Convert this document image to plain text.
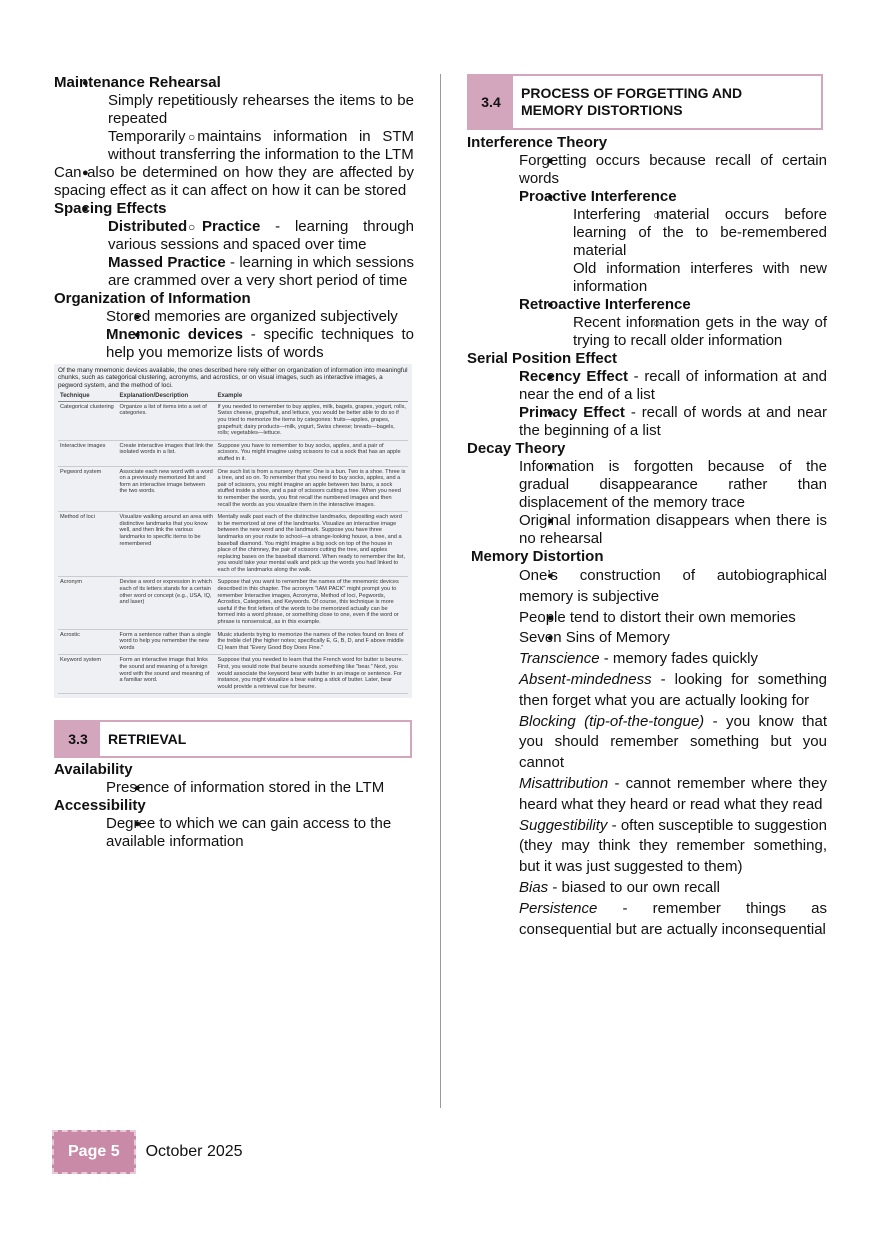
● Maintenance Rehearsal
○ Simply repetitiously rehearses the items to be repeated
○ Temporarily maintains information in STM without transferring the information to the LTM
● Can also be determined on how they are affected by spacing effect as it can affect on how it can be stored
● Spacing Effects
○ Distributed Practice - learning through various sessions and spaced over time
○ Massed Practice - learning in which sessions are crammed over a very short period of time
Organization of Information
● Stored memories are organized subjectively
● Mnemonic devices - specific techniques to help you memorize lists of words
Of the many mnemonic devices available, the ones described here rely either on organization of information into meaningful chunks, such as categorical clustering, acronyms, and acrostics, or on visual images, such as interactive images, a pegword system, and the method of loci.
Technique	Explanation/Description	Example
Categorical clustering	Organize a list of items into a set of categories.	If you needed to remember to buy apples, milk, bagels, grapes, yogurt, rolls, Swiss cheese, grapefruit, and lettuce, you would be better able to do so if you tried to memorize the items by categories: fruits—apples, grapes, grapefruit; dairy products—milk, yogurt, Swiss cheese; breads—bagels, rolls; vegetables—lettuce.
Interactive images	Create interactive images that link the isolated words in a list.	Suppose you have to remember to buy socks, apples, and a pair of scissors. You might imagine using scissors to cut a sock that has an apple stuffed in it.
Pegword system	Associate each new word with a word on a previously memorized list and form an interactive image between the two words.	One such list is from a nursery rhyme: One is a bun. Two is a shoe. Three is a tree, and so on. To remember that you need to buy socks, apples, and a pair of scissors, you might imagine an apple between two buns, a sock stuffed inside a shoe, and a pair of scissors cutting a tree. When you need to remember the words, you first recall the numbered images and then recall the words as you visualize them in the interactive images.
Method of loci	Visualize walking around an area with distinctive landmarks that you know well, and then link the various landmarks to specific items to be remembered	Mentally walk past each of the distinctive landmarks, depositing each word to be memorized at one of the landmarks. Visualize an interactive image between the new word and the landmark. Suppose you have three landmarks on your route to school—a strange-looking house, a tree, and a baseball diamond. You might imagine a big sock on top of the house in place of the chimney, the pair of scissors cutting the tree, and apples replacing bases on the baseball diamond. When ready to remember the list, you would take your mental walk and pick up the words you had linked to each of the landmarks along the walk.
Acronym	Devise a word or expression in which each of its letters stands for a certain other word or concept (e.g., USA, IQ, and laser)	Suppose that you want to remember the names of the mnemonic devices described in this chapter. The acronym "IAM PACK" might prompt you to remember Interactive images, Acronyms, Method of loci, Pegwords, Acrostics, Categories, and Keywords. Of course, this technique is more useful if the first letters of the words to be memorized actually can be formed into a word phrase, or something close to one, even if the word or phrase is nonsensical, as in this example.
Acrostic	Form a sentence rather than a single word to help you remember the new words	Music students trying to memorize the names of the notes found on lines of the treble clef (the higher notes; specifically E, G, B, D, and F above middle C) learn that "Every Good Boy Does Fine."
Keyword system	Form an interactive image that links the sound and meaning of a foreign word with the sound and meaning of a familiar word.	Suppose that you needed to learn that the French word for butter is beurre. First, you would note that beurre sounds something like "bear." Next, you would associate the keyword bear with butter in an image or sentence. For instance, you might visualize a bear eating a stick of butter. Later, bear would provide a retrieval cue for beurre.
3.3	RETRIEVAL
Availability
● Presence of information stored in the LTM
Accessibility
● Degree to which we can gain access to the available information
3.4
PROCESS OF FORGETTING AND
MEMORY DISTORTIONS
Interference Theory
● Forgetting occurs because recall of certain words
● Proactive Interference
○ Interfering material occurs before learning of the to be-remembered material
○ Old information interferes with new information
● Retroactive Interference
○ Recent information gets in the way of trying to recall older information
Serial Position Effect
● Recency Effect - recall of information at and near the end of a list
● Primacy Effect - recall of words at and near the beginning of a list
Decay Theory
● Information is forgotten because of the gradual disappearance rather than displacement of the memory trace
● Original information disappears when there is no rehearsal
Memory Distortion
● One’s construction of autobiographical memory is subjective
● People tend to distort their own memories
● Seven Sins of Memory

Transcience - memory fades quickly

Absent-mindedness - looking for something then forget what you are actually looking for

Blocking (tip-of-the-tongue) - you know that you should remember something but you cannot

Misattribution - cannot remember where they heard what they heard or read what they read

Suggestibility - often susceptible to suggestion (they may think they remember something, but it was just suggested to them)

Bias - biased to our own recall

Persistence - remember things as consequential but are actually inconsequential

Page 5	October 2025
